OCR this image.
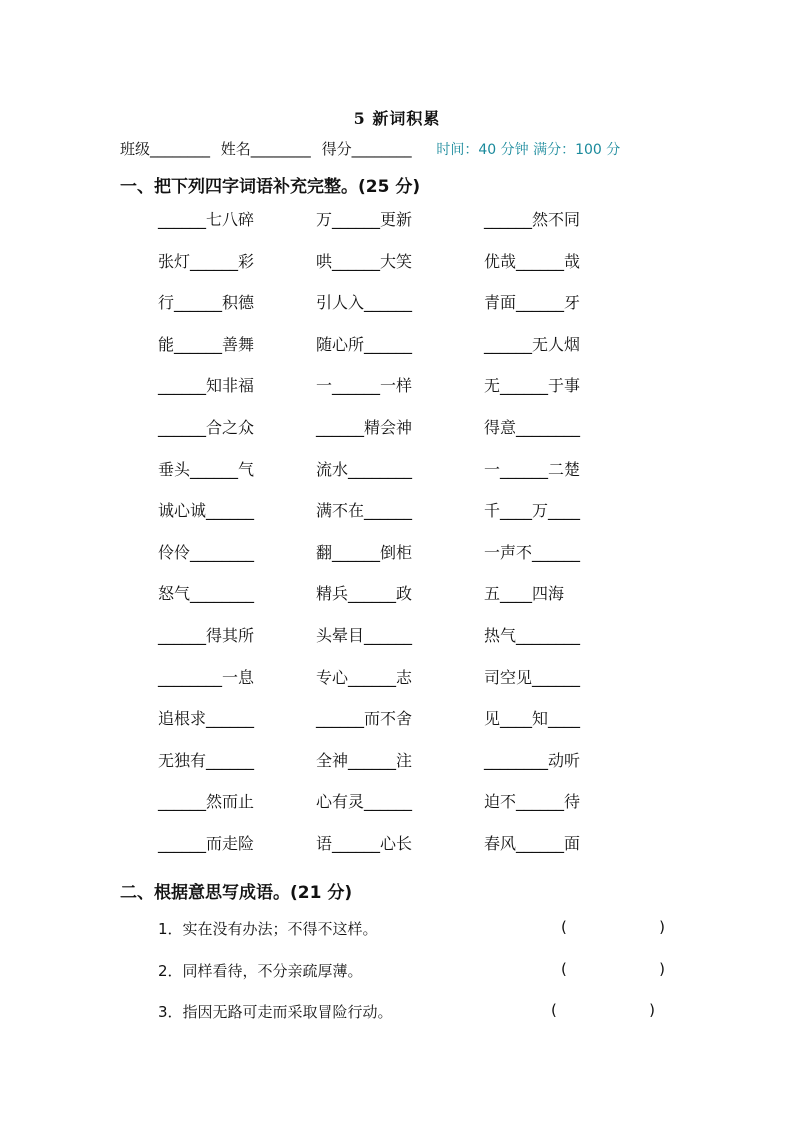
5 新词积累
班级________ 姓名________ 得分________ 时间：40 分钟 满分：100 分
一、把下列四字词语补充完整。(25 分)
______七八碎	万______更新	______然不同
张灯______彩	哄______大笑	优哉______哉
行______积德	引人入______	青面______牙
能______善舞	随心所______	______无人烟
______知非福	一______一样	无______于事
______合之众	______精会神	得意________
垂头______气	流水________	一______二楚
诚心诚______	满不在______	千____万____
伶伶________	翻______倒柜	一声不______
怒气________	精兵______政	五____四海
______得其所	头晕目______	热气________
________一息	专心______志	司空见______
追根求______	______而不舍	见____知____
无独有______	全神______注	________动听
______然而止	心有灵______	迫不______待
______而走险	语______心长	春风______面
二、根据意思写成语。(21 分)
1．实在没有办法；不得不这样。	(	)
2．同样看待，不分亲疏厚薄。	(	)
3．指因无路可走而采取冒险行动。	(	)
